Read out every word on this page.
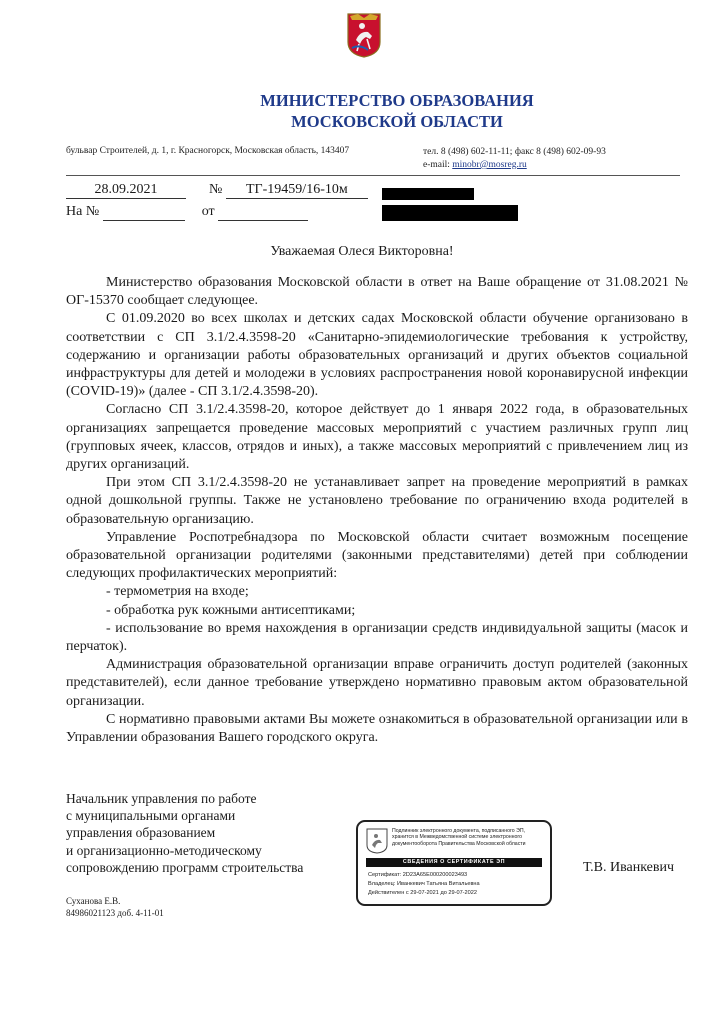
МИНИСТЕРСТВО ОБРАЗОВАНИЯ
МОСКОВСКОЙ ОБЛАСТИ
бульвар Строителей, д. 1, г. Красногорск, Московская область, 143407	тел. 8 (498) 602-11-11; факс 8 (498) 602-09-93
e-mail: minobr@mosreg.ru
28.09.2021	№ ТГ-19459/16-10м
На №	от
Уважаемая Олеся Викторовна!

Министерство образования Московской области в ответ на Ваше обращение от 31.08.2021 № ОГ-15370 сообщает следующее.

С 01.09.2020 во всех школах и детских садах Московской области обучение организовано в соответствии с СП 3.1/2.4.3598-20 «Санитарно-эпидемиологические требования к устройству, содержанию и организации работы образовательных организаций и других объектов социальной инфраструктуры для детей и молодежи в условиях распространения новой коронавирусной инфекции (COVID-19)» (далее - СП 3.1/2.4.3598-20).

Согласно СП 3.1/2.4.3598-20, которое действует до 1 января 2022 года, в образовательных организациях запрещается проведение массовых мероприятий с участием различных групп лиц (групповых ячеек, классов, отрядов и иных), а также массовых мероприятий с привлечением лиц из других организаций.

При этом СП 3.1/2.4.3598-20 не устанавливает запрет на проведение мероприятий в рамках одной дошкольной группы. Также не установлено требование по ограничению входа родителей в образовательную организацию.

Управление Роспотребнадзора по Московской области считает возможным посещение образовательной организации родителями (законными представителями) детей при соблюдении следующих профилактических мероприятий:

- термометрия на входе;

- обработка рук кожными антисептиками;

- использование во время нахождения в организации средств индивидуальной защиты (масок и перчаток).

Администрация образовательной организации вправе ограничить доступ родителей (законных представителей), если данное требование утверждено нормативно правовым актом образовательной организации.

С нормативно правовыми актами Вы можете ознакомиться в образовательной организации или в Управлении образования Вашего городского округа.

Начальник управления по работе
с муниципальными органами
управления образованием
и организационно-методическому
сопровождению программ строительства
Подлинник электронного документа, подписанного ЭП, хранится в Межведомственной системе электронного документооборота Правительства Московской области
СВЕДЕНИЯ О СЕРТИФИКАТЕ ЭП
Сертификат: 2D23A65E000200023493
Владелец: Иванкевич Татьяна Витальевна
Действителен с 29-07-2021 до 29-07-2022
Т.В. Иванкевич
Суханова Е.В.
84986021123 доб. 4-11-01
